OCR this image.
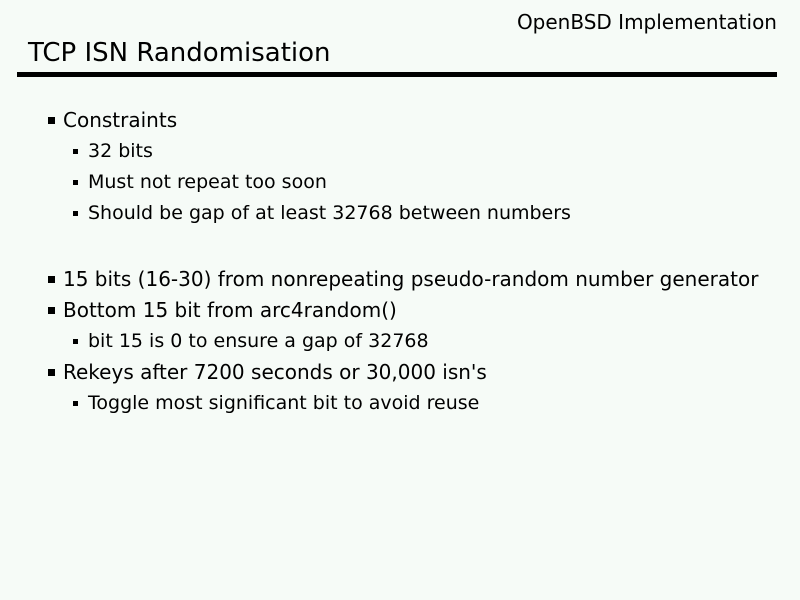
OpenBSD Implementation
TCP ISN Randomisation
Constraints
32 bits
Must not repeat too soon
Should be gap of at least 32768 between numbers
15 bits (16-30) from nonrepeating pseudo-random number generator
Bottom 15 bit from arc4random()
bit 15 is 0 to ensure a gap of 32768
Rekeys after 7200 seconds or 30,000 isn's
Toggle most significant bit to avoid reuse
